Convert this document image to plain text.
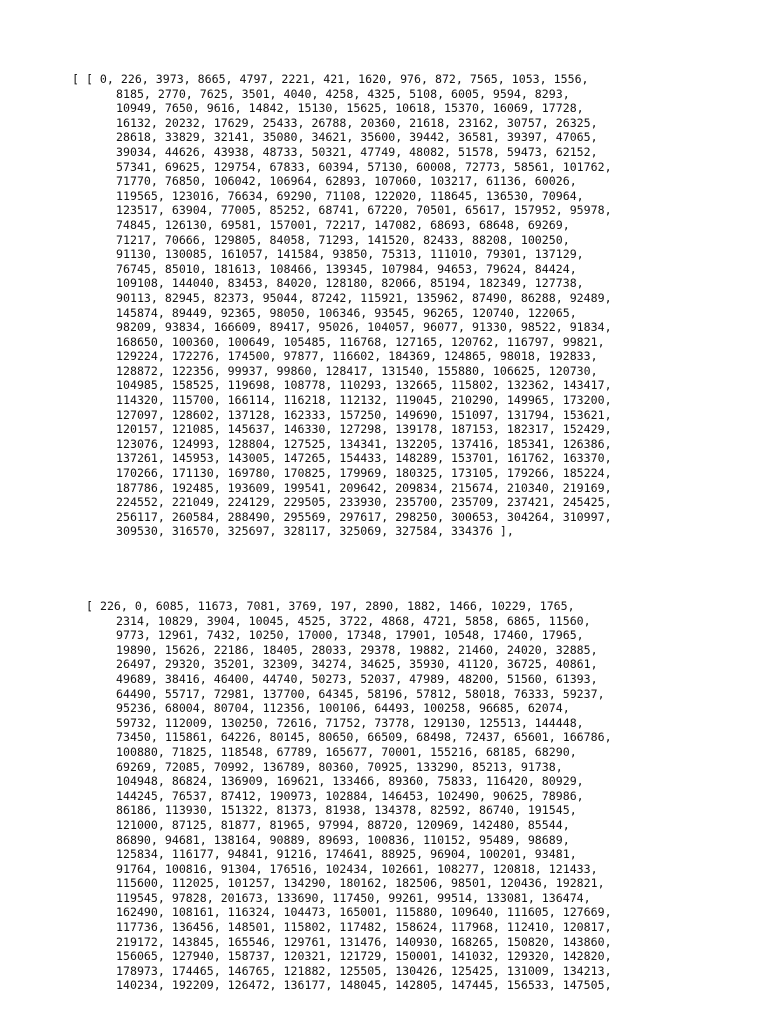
[ [ 0, 226, 3973, 8665, 4797, 2221, 421, 1620, 976, 872, 7565, 1053, 1556,
8185, 2770, 7625, 3501, 4040, 4258, 4325, 5108, 6005, 9594, 8293,
10949, 7650, 9616, 14842, 15130, 15625, 10618, 15370, 16069, 17728,
16132, 20232, 17629, 25433, 26788, 20360, 21618, 23162, 30757, 26325,
28618, 33829, 32141, 35080, 34621, 35600, 39442, 36581, 39397, 47065,
39034, 44626, 43938, 48733, 50321, 47749, 48082, 51578, 59473, 62152,
57341, 69625, 129754, 67833, 60394, 57130, 60008, 72773, 58561, 101762,
71770, 76850, 106042, 106964, 62893, 107060, 103217, 61136, 60026,
119565, 123016, 76634, 69290, 71108, 122020, 118645, 136530, 70964,
123517, 63904, 77005, 85252, 68741, 67220, 70501, 65617, 157952, 95978,
74845, 126130, 69581, 157001, 72217, 147082, 68693, 68648, 69269,
71217, 70666, 129805, 84058, 71293, 141520, 82433, 88208, 100250,
91130, 130085, 161057, 141584, 93850, 75313, 111010, 79301, 137129,
76745, 85010, 181613, 108466, 139345, 107984, 94653, 79624, 84424,
109108, 144040, 83453, 84020, 128180, 82066, 85194, 182349, 127738,
90113, 82945, 82373, 95044, 87242, 115921, 135962, 87490, 86288, 92489,
145874, 89449, 92365, 98050, 106346, 93545, 96265, 120740, 122065,
98209, 93834, 166609, 89417, 95026, 104057, 96077, 91330, 98522, 91834,
168650, 100360, 100649, 105485, 116768, 127165, 120762, 116797, 99821,
129224, 172276, 174500, 97877, 116602, 184369, 124865, 98018, 192833,
128872, 122356, 99937, 99860, 128417, 131540, 155880, 106625, 120730,
104985, 158525, 119698, 108778, 110293, 132665, 115802, 132362, 143417,
114320, 115700, 166114, 116218, 112132, 119045, 210290, 149965, 173200,
127097, 128602, 137128, 162333, 157250, 149690, 151097, 131794, 153621,
120157, 121085, 145637, 146330, 127298, 139178, 187153, 182317, 152429,
123076, 124993, 128804, 127525, 134341, 132205, 137416, 185341, 126386,
137261, 145953, 143005, 147265, 154433, 148289, 153701, 161762, 163370,
170266, 171130, 169780, 170825, 179969, 180325, 173105, 179266, 185224,
187786, 192485, 193609, 199541, 209642, 209834, 215674, 210340, 219169,
224552, 221049, 224129, 229505, 233930, 235700, 235709, 237421, 245425,
256117, 260584, 288490, 295569, 297617, 298250, 300653, 304264, 310997,
309530, 316570, 325697, 328117, 325069, 327584, 334376 ],
[ 226, 0, 6085, 11673, 7081, 3769, 197, 2890, 1882, 1466, 10229, 1765,
2314, 10829, 3904, 10045, 4525, 3722, 4868, 4721, 5858, 6865, 11560,
9773, 12961, 7432, 10250, 17000, 17348, 17901, 10548, 17460, 17965,
19890, 15626, 22186, 18405, 28033, 29378, 19882, 21460, 24020, 32885,
26497, 29320, 35201, 32309, 34274, 34625, 35930, 41120, 36725, 40861,
49689, 38416, 46400, 44740, 50273, 52037, 47989, 48200, 51560, 61393,
64490, 55717, 72981, 137700, 64345, 58196, 57812, 58018, 76333, 59237,
95236, 68004, 80704, 112356, 100106, 64493, 100258, 96685, 62074,
59732, 112009, 130250, 72616, 71752, 73778, 129130, 125513, 144448,
73450, 115861, 64226, 80145, 80650, 66509, 68498, 72437, 65601, 166786,
100880, 71825, 118548, 67789, 165677, 70001, 155216, 68185, 68290,
69269, 72085, 70992, 136789, 80360, 70925, 133290, 85213, 91738,
104948, 86824, 136909, 169621, 133466, 89360, 75833, 116420, 80929,
144245, 76537, 87412, 190973, 102884, 146453, 102490, 90625, 78986,
86186, 113930, 151322, 81373, 81938, 134378, 82592, 86740, 191545,
121000, 87125, 81877, 81965, 97994, 88720, 120969, 142480, 85544,
86890, 94681, 138164, 90889, 89693, 100836, 110152, 95489, 98689,
125834, 116177, 94841, 91216, 174641, 88925, 96904, 100201, 93481,
91764, 100816, 91304, 176516, 102434, 102661, 108277, 120818, 121433,
115600, 112025, 101257, 134290, 180162, 182506, 98501, 120436, 192821,
119545, 97828, 201673, 133690, 117450, 99261, 99514, 133081, 136474,
162490, 108161, 116324, 104473, 165001, 115880, 109640, 111605, 127669,
117736, 136456, 148501, 115802, 117482, 158624, 117968, 112410, 120817,
219172, 143845, 165546, 129761, 131476, 140930, 168265, 150820, 143860,
156065, 127940, 158737, 120321, 121729, 150001, 141032, 129320, 142820,
178973, 174465, 146765, 121882, 125505, 130426, 125425, 131009, 134213,
140234, 192209, 126472, 136177, 148045, 142805, 147445, 156533, 147505,
